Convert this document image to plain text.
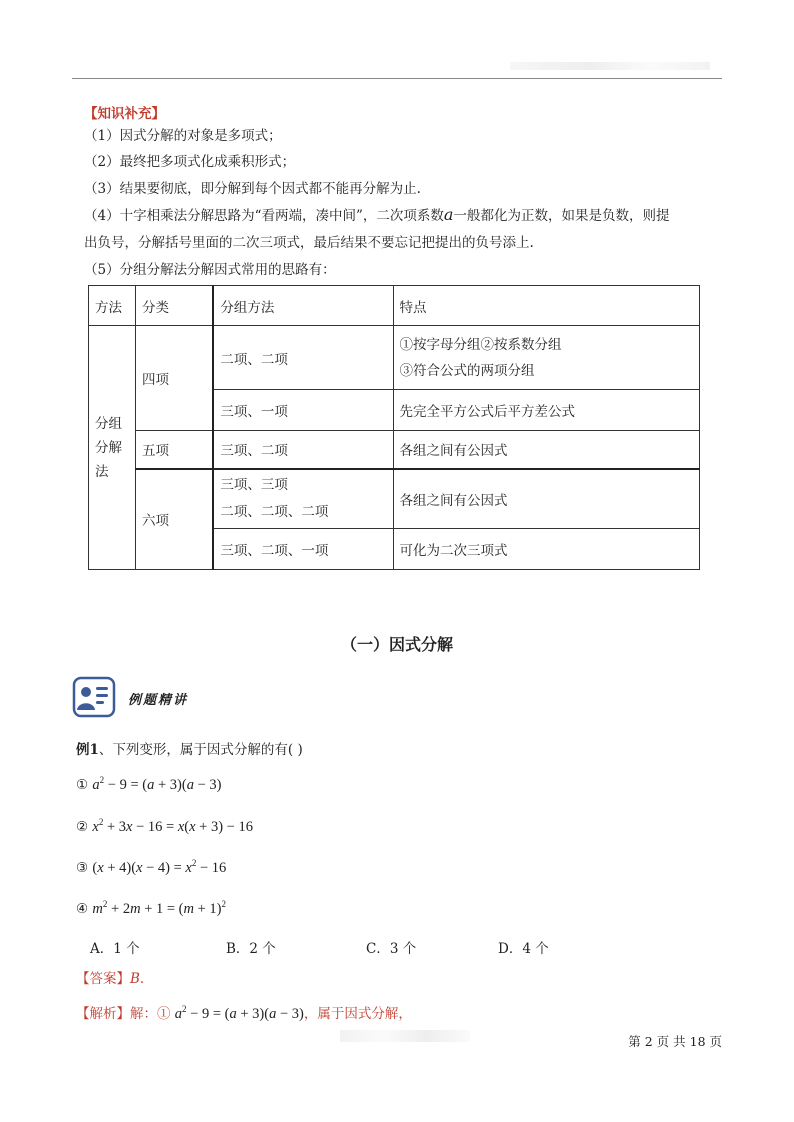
【知识补充】
（1）因式分解的对象是多项式；
（2）最终把多项式化成乘积形式；
（3）结果要彻底，即分解到每个因式都不能再分解为止.
（4）十字相乘法分解思路为“看两端，凑中间”，二次项系数a一般都化为正数，如果是负数，则提
出负号，分解括号里面的二次三项式，最后结果不要忘记把提出的负号添上.
（5）分组分解法分解因式常用的思路有：
方法	分类	分组方法	特点
分组分解法	四项	二项、二项	①按字母分组②按系数分组
③符合公式的两项分组

		三项、一项	先完全平方公式后平方差公式
	五项	三项、二项	各组之间有公因式
	六项	三项、三项
二项、二项、二项	各组之间有公因式
		三项、二项、一项	可化为二次三项式
（一）因式分解
例题精讲
例1、下列变形，属于因式分解的有( )
① $a^2 - 9 = (a + 3)(a - 3)$
② $x^2 + 3x - 16 = x(x + 3) - 16$
③ $(x + 4)(x - 4) = x^2 - 16$
④ $m^2 + 2m + 1 = (m + 1)^2$
A．1 个	B．2 个	C．3 个	D．4 个
【答案】B．
【解析】解：① $a^2 - 9 = (a + 3)(a - 3)$，属于因式分解，
第 2 页 共 18 页
